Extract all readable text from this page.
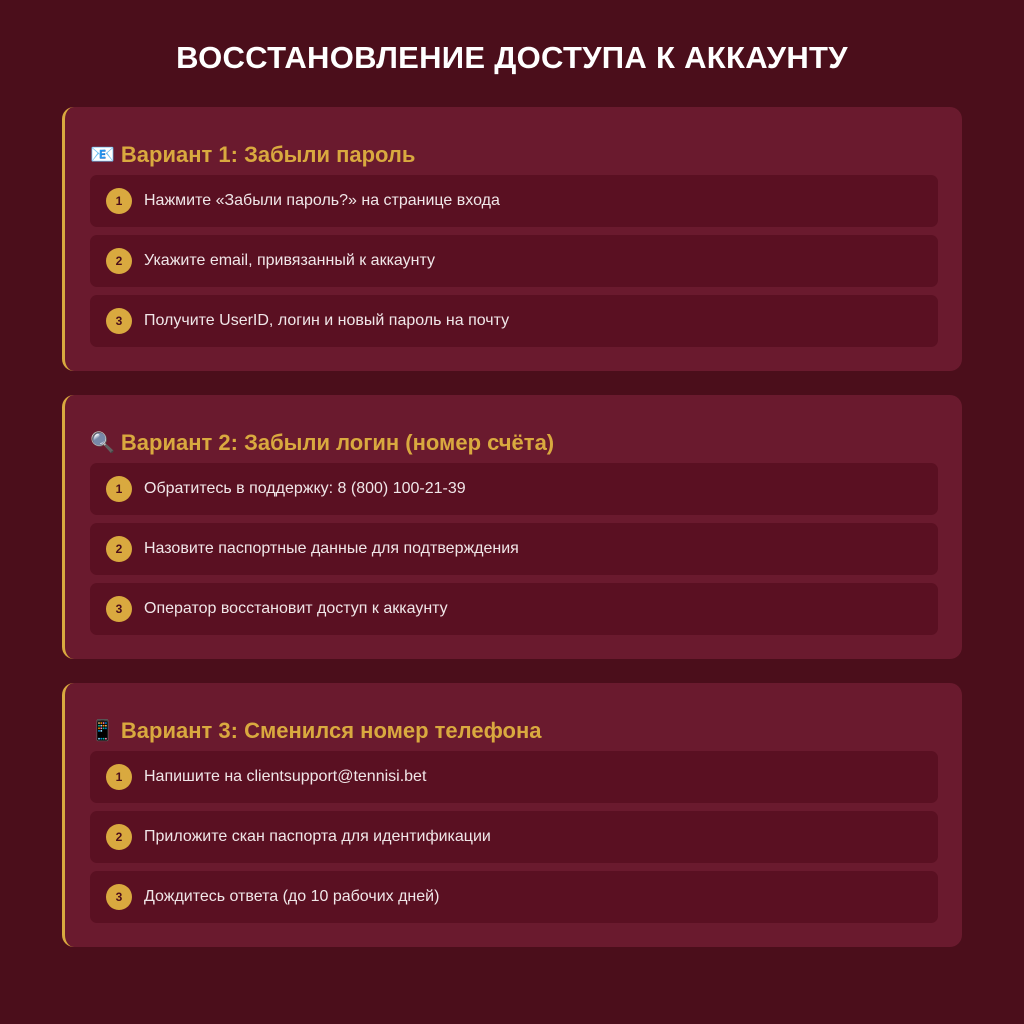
ВОССТАНОВЛЕНИЕ ДОСТУПА К АККАУНТУ
📧 Вариант 1: Забыли пароль
1	Нажмите «Забыли пароль?» на странице входа
2	Укажите email, привязанный к аккаунту
3	Получите UserID, логин и новый пароль на почту
🔍 Вариант 2: Забыли логин (номер счёта)
1	Обратитесь в поддержку: 8 (800) 100-21-39
2	Назовите паспортные данные для подтверждения
3	Оператор восстановит доступ к аккаунту
📱 Вариант 3: Сменился номер телефона
1	Напишите на clientsupport@tennisi.bet
2	Приложите скан паспорта для идентификации
3	Дождитесь ответа (до 10 рабочих дней)
